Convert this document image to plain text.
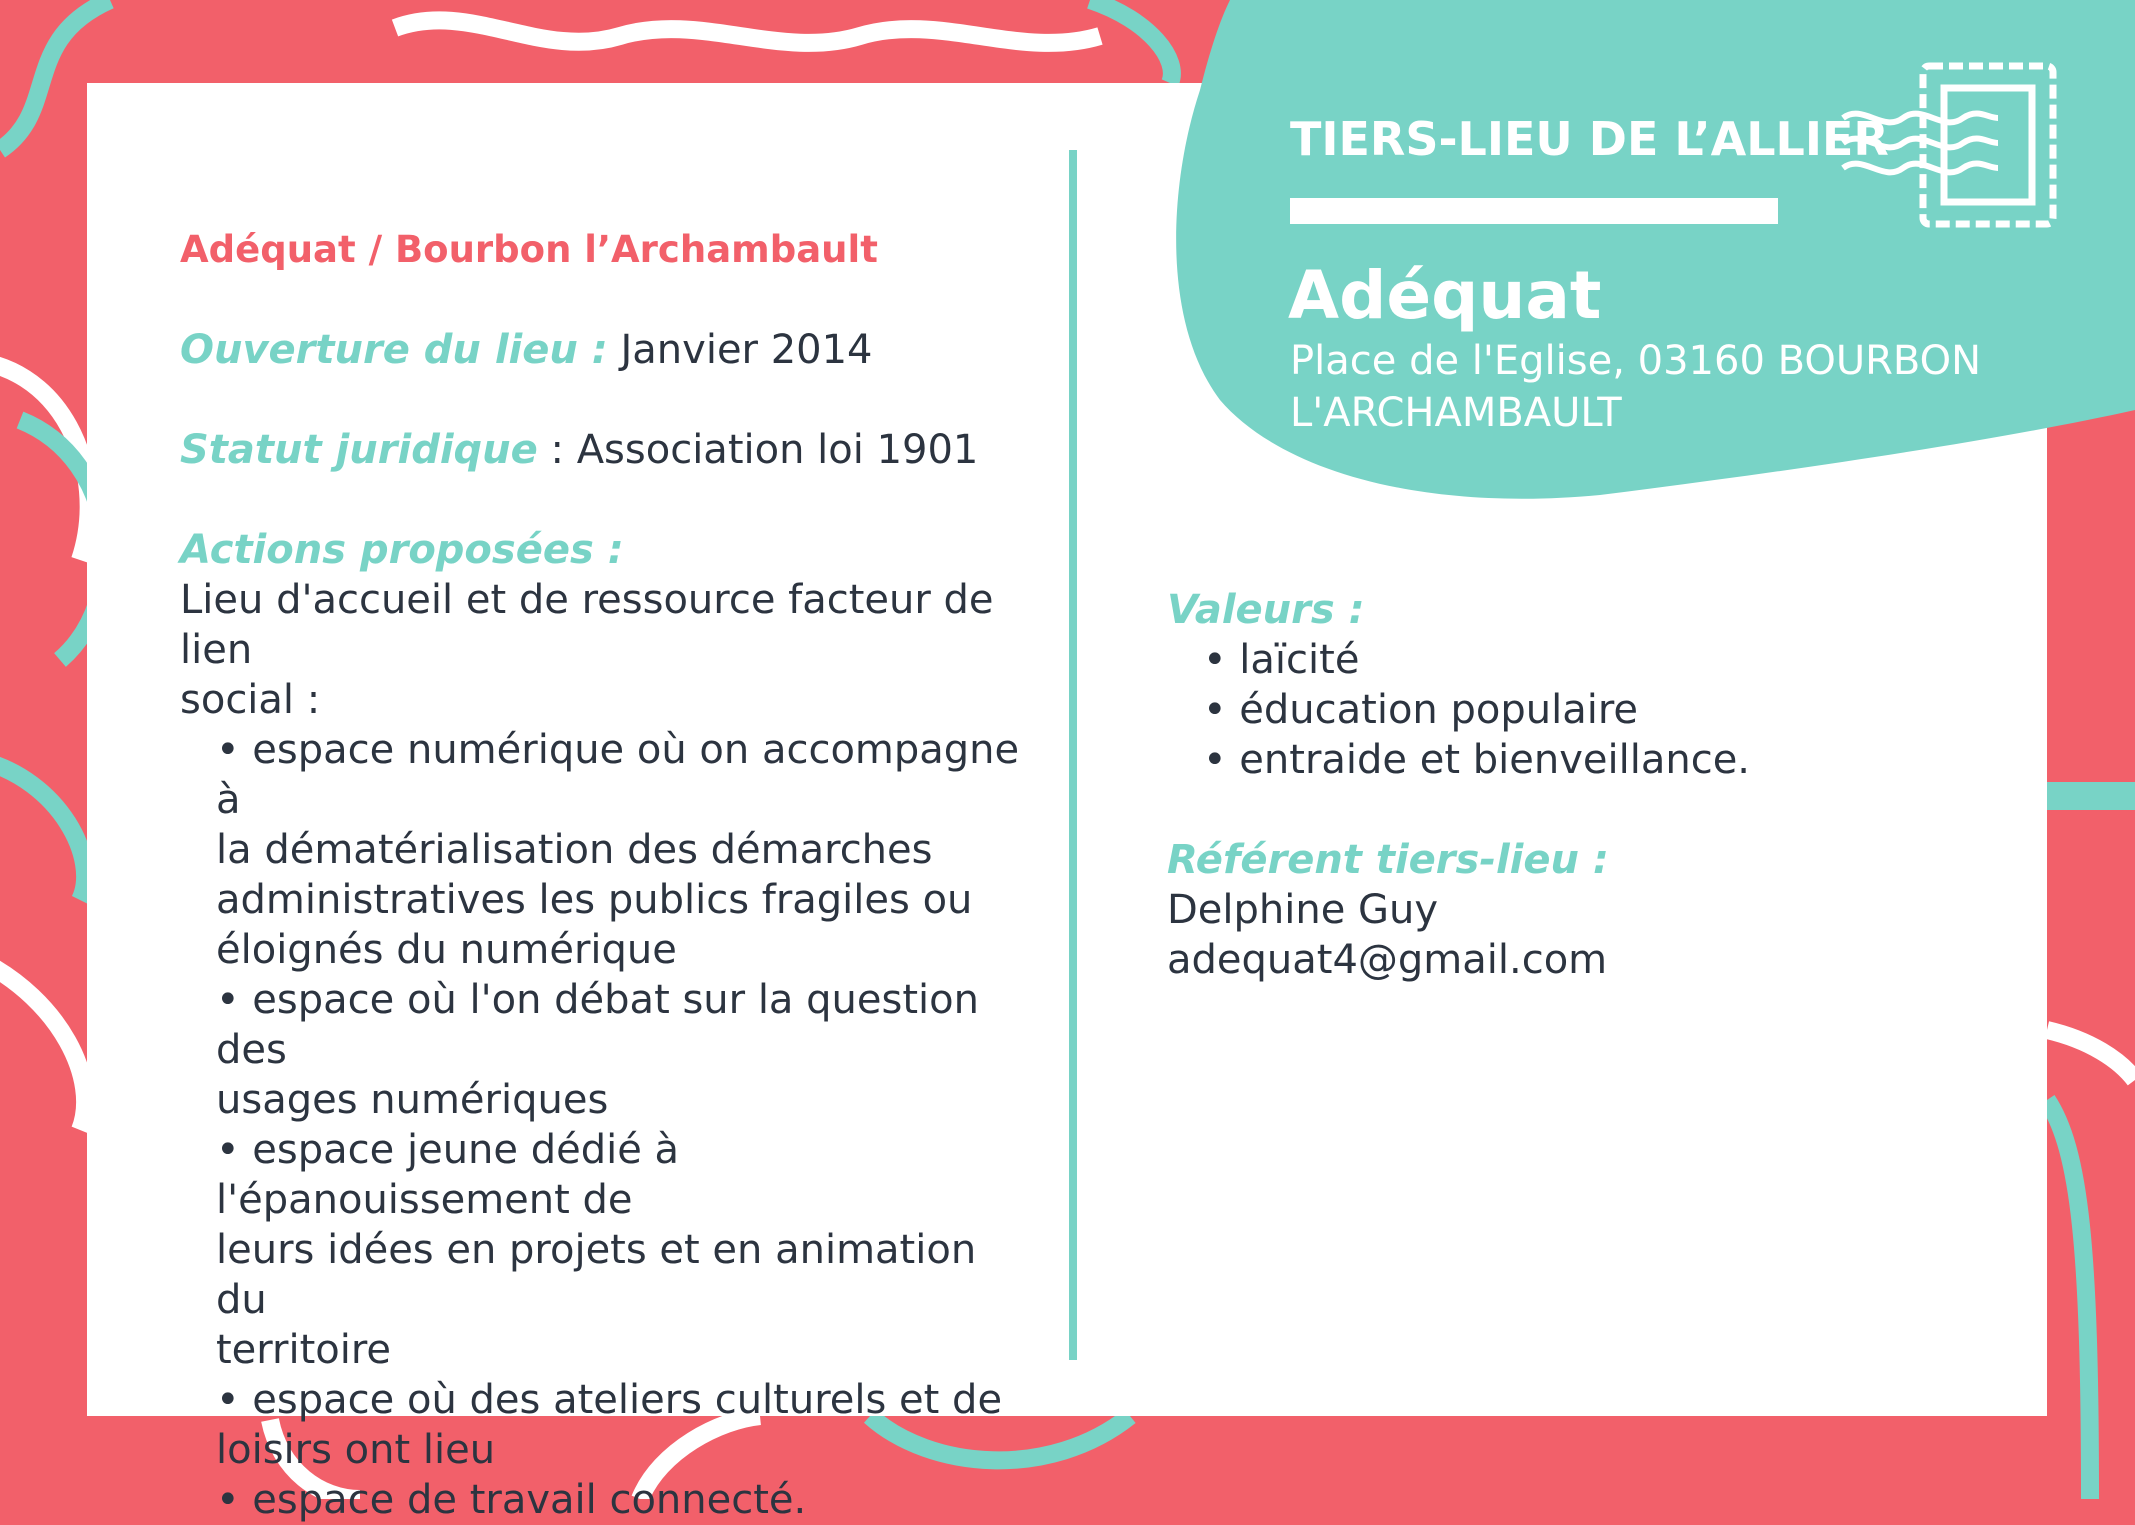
TIERS-LIEU DE L’ALLIER

Adéquat

Place de l'Eglise, 03160 BOURBON L'ARCHAMBAULT
Adéquat / Bourbon l’Archambault
Ouverture du lieu : Janvier 2014
Statut juridique : Association loi 1901
Actions proposées :
Lieu d'accueil et de ressource facteur de lien
social :
• espace numérique où on accompagne à
la dématérialisation des démarches
administratives les publics fragiles ou
éloignés du numérique
• espace où l'on débat sur la question des
usages numériques
• espace jeune dédié à l'épanouissement de
leurs idées en projets et en animation du
territoire
• espace où des ateliers culturels et de
loisirs ont lieu
• espace de travail connecté.
Valeurs :
• laïcité
• éducation populaire
• entraide et bienveillance.
Référent tiers-lieu :
Delphine Guy
adequat4@gmail.com
